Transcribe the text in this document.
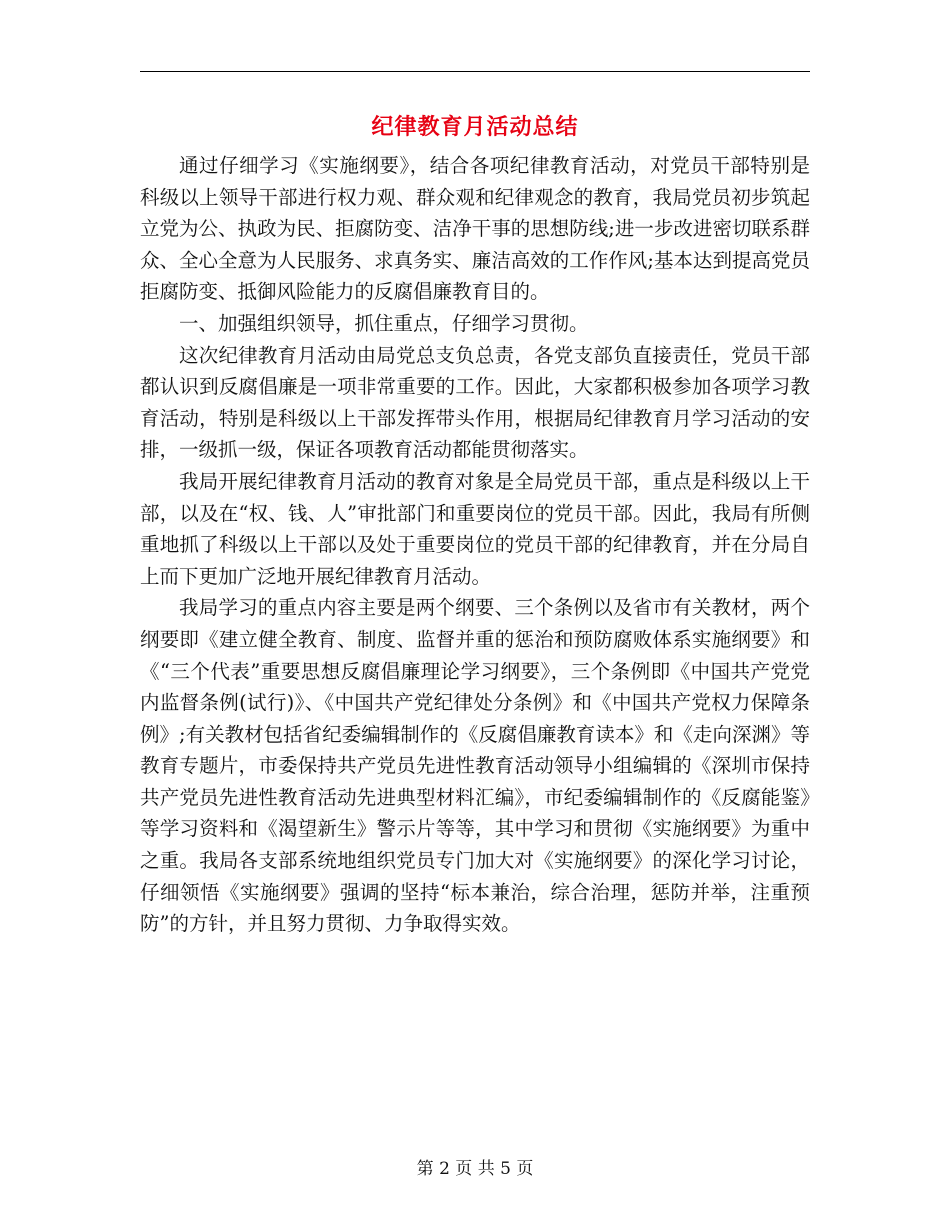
纪律教育月活动总结

通过仔细学习《实施纲要》，结合各项纪律教育活动，对党员干部特别是科级以上领导干部进行权力观、群众观和纪律观念的教育，我局党员初步筑起立党为公、执政为民、拒腐防变、洁净干事的思想防线;进一步改进密切联系群众、全心全意为人民服务、求真务实、廉洁高效的工作作风;基本达到提高党员拒腐防变、抵御风险能力的反腐倡廉教育目的。

一、加强组织领导，抓住重点，仔细学习贯彻。

这次纪律教育月活动由局党总支负总责，各党支部负直接责任，党员干部都认识到反腐倡廉是一项非常重要的工作。因此，大家都积极参加各项学习教育活动，特别是科级以上干部发挥带头作用，根据局纪律教育月学习活动的安排，一级抓一级，保证各项教育活动都能贯彻落实。

我局开展纪律教育月活动的教育对象是全局党员干部，重点是科级以上干部，以及在“权、钱、人”审批部门和重要岗位的党员干部。因此，我局有所侧重地抓了科级以上干部以及处于重要岗位的党员干部的纪律教育，并在分局自上而下更加广泛地开展纪律教育月活动。

我局学习的重点内容主要是两个纲要、三个条例以及省市有关教材，两个纲要即《建立健全教育、制度、监督并重的惩治和预防腐败体系实施纲要》和《“三个代表”重要思想反腐倡廉理论学习纲要》，三个条例即《中国共产党党内监督条例(试行)》、《中国共产党纪律处分条例》和《中国共产党权力保障条例》;有关教材包括省纪委编辑制作的《反腐倡廉教育读本》和《走向深渊》等教育专题片，市委保持共产党员先进性教育活动领导小组编辑的《深圳市保持共产党员先进性教育活动先进典型材料汇编》，市纪委编辑制作的《反腐能鉴》等学习资料和《渴望新生》警示片等等，其中学习和贯彻《实施纲要》为重中之重。我局各支部系统地组织党员专门加大对《实施纲要》的深化学习讨论，仔细领悟《实施纲要》强调的坚持“标本兼治，综合治理，惩防并举，注重预防”的方针，并且努力贯彻、力争取得实效。

第 2 页 共 5 页
